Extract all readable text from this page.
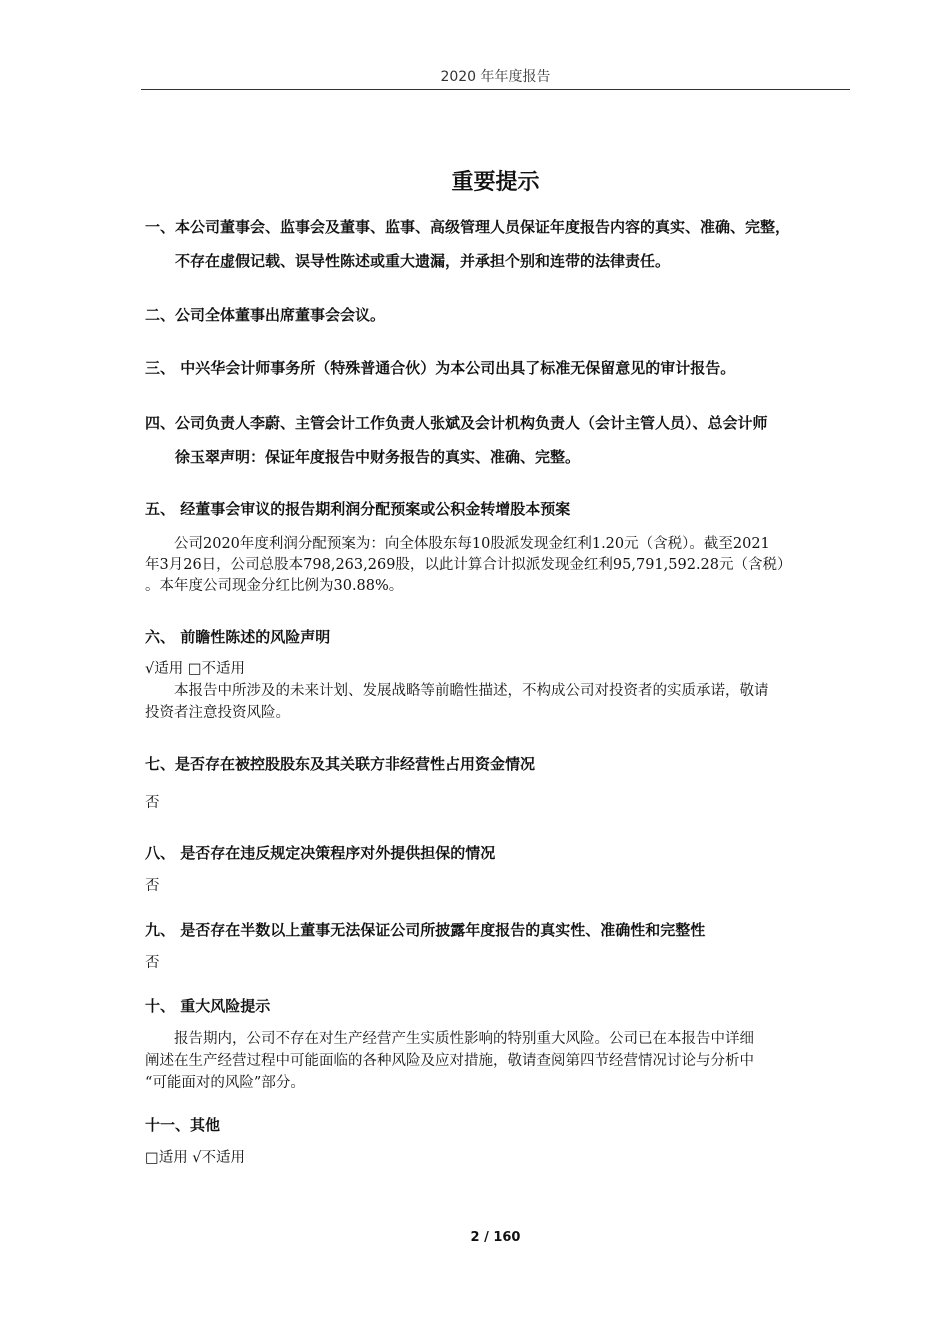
2020 年年度报告
重要提示
一、本公司董事会、监事会及董事、监事、高级管理人员保证年度报告内容的真实、准确、完整，
不存在虚假记载、误导性陈述或重大遗漏，并承担个别和连带的法律责任。
二、公司全体董事出席董事会会议。
三、 中兴华会计师事务所（特殊普通合伙）为本公司出具了标准无保留意见的审计报告。
四、公司负责人李蔚、主管会计工作负责人张斌及会计机构负责人（会计主管人员）、总会计师
徐玉翠声明：保证年度报告中财务报告的真实、准确、完整。
五、 经董事会审议的报告期利润分配预案或公积金转增股本预案
　　公司2020年度利润分配预案为：向全体股东每10股派发现金红利1.20元（含税）。截至2021
年3月26日，公司总股本798,263,269股，以此计算合计拟派发现金红利95,791,592.28元（含税）
。本年度公司现金分红比例为30.88%。
六、 前瞻性陈述的风险声明
√适用 □不适用
　　本报告中所涉及的未来计划、发展战略等前瞻性描述，不构成公司对投资者的实质承诺，敬请
投资者注意投资风险。
七、是否存在被控股股东及其关联方非经营性占用资金情况
否
八、 是否存在违反规定决策程序对外提供担保的情况
否
九、 是否存在半数以上董事无法保证公司所披露年度报告的真实性、准确性和完整性
否
十、 重大风险提示
　　报告期内，公司不存在对生产经营产生实质性影响的特别重大风险。公司已在本报告中详细
阐述在生产经营过程中可能面临的各种风险及应对措施，敬请查阅第四节经营情况讨论与分析中
“可能面对的风险”部分。
十一、其他
□适用 √不适用
2 / 160
